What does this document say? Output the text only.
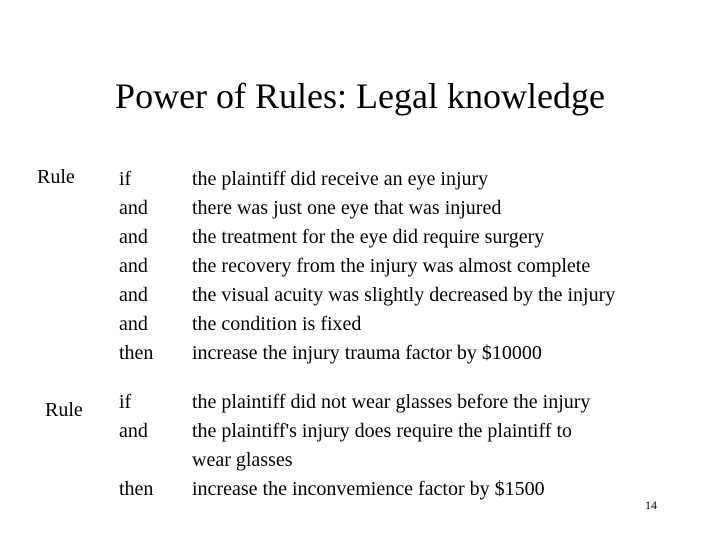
Power of Rules: Legal knowledge
Rule if
and
and
and
and
and
then
the plaintiff did receive an eye injury
there was just one eye that was injured
the treatment for the eye did require surgery
the recovery from the injury was almost complete
the visual acuity was slightly decreased by the injury
the condition is fixed
increase the injury trauma factor by $10000
Rule if
and
then
the plaintiff did not wear glasses before the injury
the plaintiff's injury does require the plaintiff to
wear glasses
increase the inconvemience factor by $1500
14
